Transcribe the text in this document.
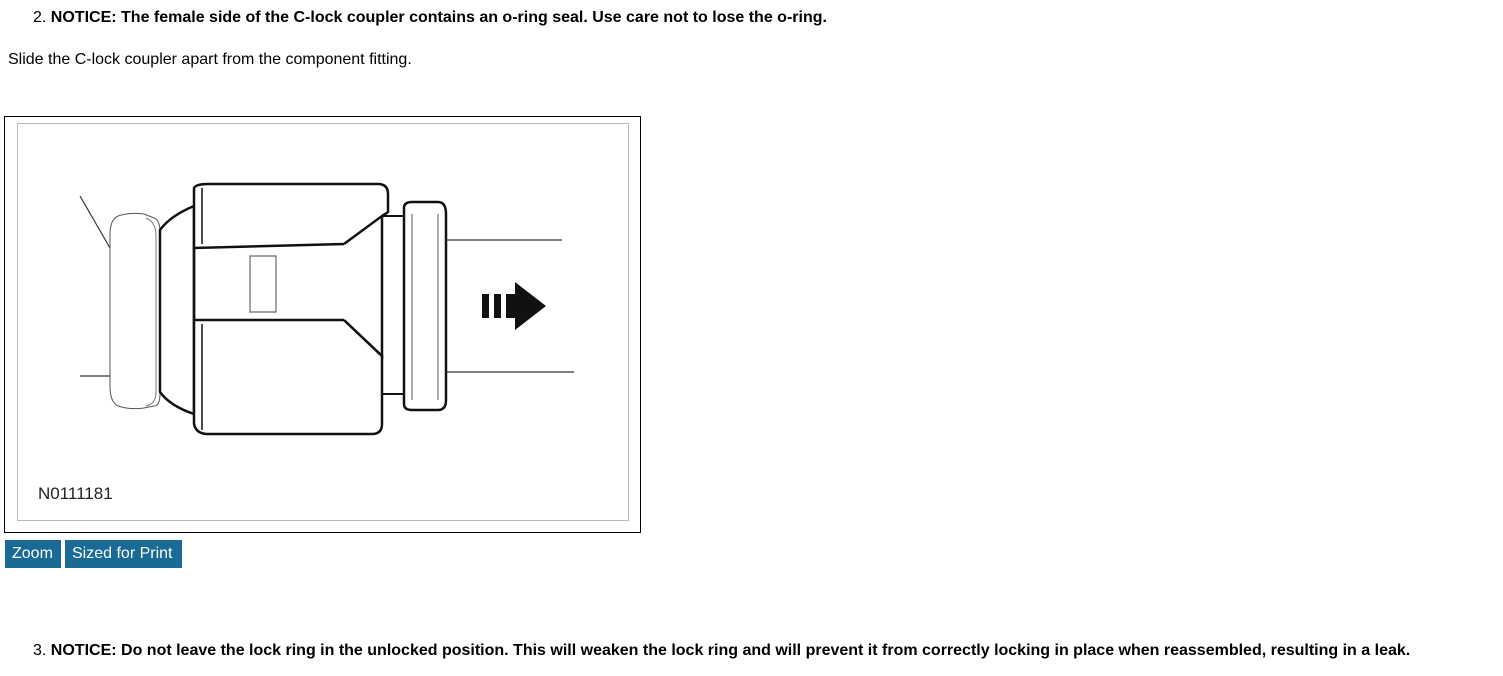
2. NOTICE: The female side of the C-lock coupler contains an o-ring seal. Use care not to lose the o-ring.
Slide the C-lock coupler apart from the component fitting.
N0111181
Zoom	Sized for Print
3. NOTICE: Do not leave the lock ring in the unlocked position. This will weaken the lock ring and will prevent it from correctly locking in place when reassembled, resulting in a leak.
